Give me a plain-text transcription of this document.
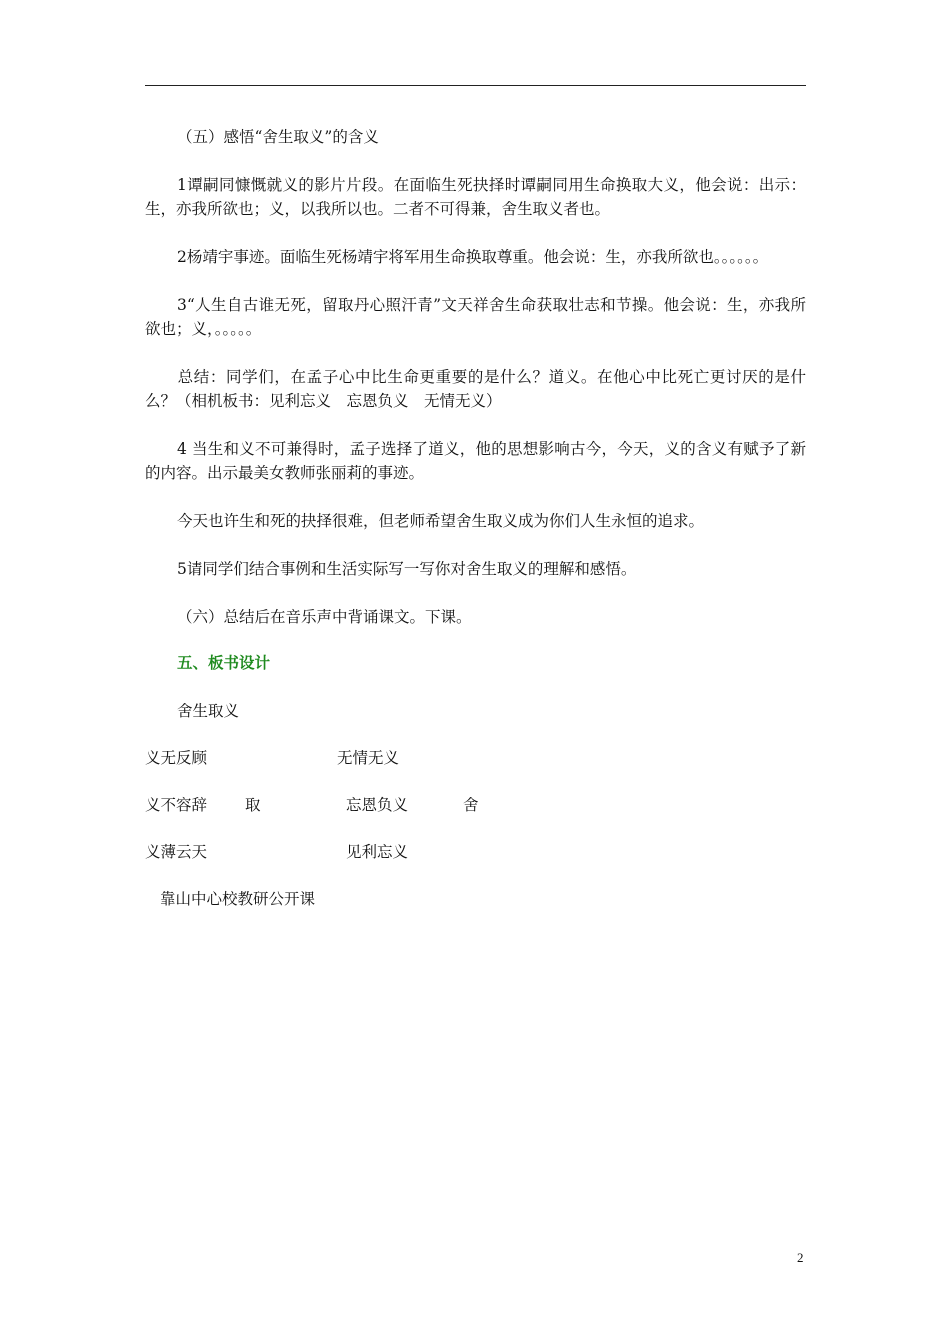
（五）感悟“舍生取义”的含义

1谭嗣同慷慨就义的影片片段。在面临生死抉择时谭嗣同用生命换取大义，他会说：出示：生，亦我所欲也；义，以我所以也。二者不可得兼，舍生取义者也。

2杨靖宇事迹。面临生死杨靖宇将军用生命换取尊重。他会说：生，亦我所欲也。。。。。。

3“人生自古谁无死，留取丹心照汗青”文天祥舍生命获取壮志和节操。他会说：生，亦我所欲也；义，。。。。。

总结：同学们，在孟子心中比生命更重要的是什么？道义。在他心中比死亡更讨厌的是什么？（相机板书：见利忘义　忘恩负义　无情无义）

4 当生和义不可兼得时，孟子选择了道义，他的思想影响古今，今天，义的含义有赋予了新的内容。出示最美女教师张丽莉的事迹。

今天也许生和死的抉择很难，但老师希望舍生取义成为你们人生永恒的追求。

5请同学们结合事例和生活实际写一写你对舍生取义的理解和感悟。

（六）总结后在音乐声中背诵课文。下课。

五、板书设计

舍生取义
义无反顾	无情无义
义不容辞 取	忘恩负义	舍
义薄云天	见利忘义
靠山中心校教研公开课
2
